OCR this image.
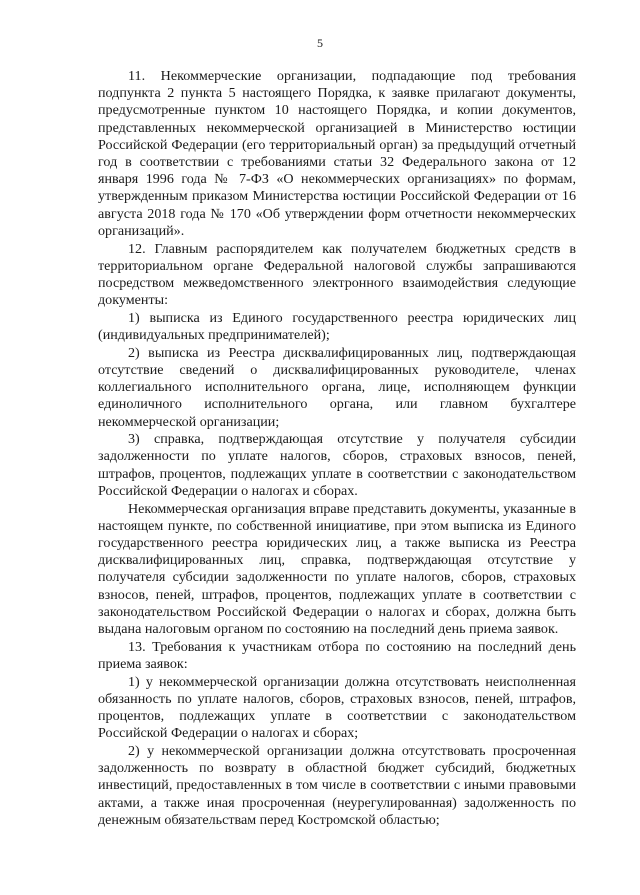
5

11. Некоммерческие организации, подпадающие под требования подпункта 2 пункта 5 настоящего Порядка, к заявке прилагают документы, предусмотренные пунктом 10 настоящего Порядка, и копии документов, представленных некоммерческой организацией в Министерство юстиции Российской Федерации (его территориальный орган) за предыдущий отчетный год в соответствии с требованиями статьи 32 Федерального закона от 12 января 1996 года № 7-ФЗ «О некоммерческих организациях» по формам, утвержденным приказом Министерства юстиции Российской Федерации от 16 августа 2018 года № 170 «Об утверждении форм отчетности некоммерческих организаций».

12. Главным распорядителем как получателем бюджетных средств в территориальном органе Федеральной налоговой службы запрашиваются посредством межведомственного электронного взаимодействия следующие документы:

1) выписка из Единого государственного реестра юридических лиц (индивидуальных предпринимателей);

2) выписка из Реестра дисквалифицированных лиц, подтверждающая отсутствие сведений о дисквалифицированных руководителе, членах коллегиального исполнительного органа, лице, исполняющем функции единоличного исполнительного органа, или главном бухгалтере некоммерческой организации;

3) справка, подтверждающая отсутствие у получателя субсидии задолженности по уплате налогов, сборов, страховых взносов, пеней, штрафов, процентов, подлежащих уплате в соответствии с законодательством Российской Федерации о налогах и сборах.

Некоммерческая организация вправе представить документы, указанные в настоящем пункте, по собственной инициативе, при этом выписка из Единого государственного реестра юридических лиц, а также выписка из Реестра дисквалифицированных лиц, справка, подтверждающая отсутствие у получателя субсидии задолженности по уплате налогов, сборов, страховых взносов, пеней, штрафов, процентов, подлежащих уплате в соответствии с законодательством Российской Федерации о налогах и сборах, должна быть выдана налоговым органом по состоянию на последний день приема заявок.

13. Требования к участникам отбора по состоянию на последний день приема заявок:

1) у некоммерческой организации должна отсутствовать неисполненная обязанность по уплате налогов, сборов, страховых взносов, пеней, штрафов, процентов, подлежащих уплате в соответствии с законодательством Российской Федерации о налогах и сборах;

2) у некоммерческой организации должна отсутствовать просроченная задолженность по возврату в областной бюджет субсидий, бюджетных инвестиций, предоставленных в том числе в соответствии с иными правовыми актами, а также иная просроченная (неурегулированная) задолженность по денежным обязательствам перед Костромской областью;
